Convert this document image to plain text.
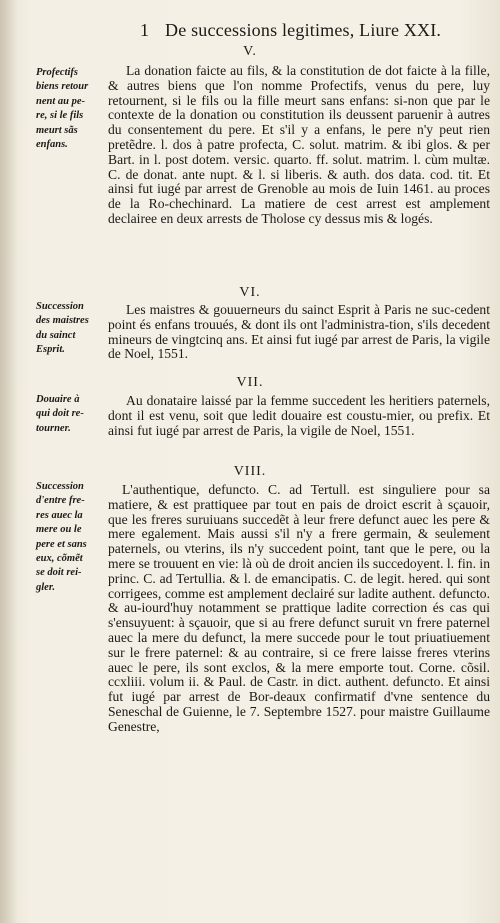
1 De successions legitimes, Liure XXI.
V.
Profectifs
biens retour
nent au pe-
re, si le fils
meurt sãs
enfans.
La donation faicte au fils, & la constitution de dot faicte à la fille, & autres biens que l'on nomme Profectifs, venus du pere, luy retournent, si le fils ou la fille meurt sans enfans: si-non que par le contexte de la donation ou constitution ils deussent paruenir à autres du consentement du pere. Et s'il y a enfans, le pere n'y peut rien pretẽdre. l. dos à patre profecta, C. solut. matrim. & ibi glos. & per Bart. in l. post dotem. versic. quarto. ff. solut. matrim. l. cùm multæ. C. de donat. ante nupt. & l. si liberis. & auth. dos data. cod. tit. Et ainsi fut iugé par arrest de Grenoble au mois de Iuin 1461. au proces de la Ro-chechinard. La matiere de cest arrest est amplement declairee en deux arrests de Tholose cy dessus mis & logés.
VI.
Succession
des maistres
du sainct
Esprit.
Les maistres & gouuerneurs du sainct Esprit à Paris ne suc-cedent point és enfans trouués, & dont ils ont l'administra-tion, s'ils decedent mineurs de vingtcinq ans. Et ainsi fut iugé par arrest de Paris, la vigile de Noel, 1551.
VII.
Douaire à
qui doit re-
tourner.
Au donataire laissé par la femme succedent les heritiers paternels, dont il est venu, soit que ledit douaire est coustu-mier, ou prefix. Et ainsi fut iugé par arrest de Paris, la vigile de Noel, 1551.
VIII.
Succession
d'entre fre-
res auec la
mere ou le
pere et sans
eux, cõmẽt
se doit rei-
gler.
L'authentique, defuncto. C. ad Tertull. est singuliere pour sa matiere, & est prattiquee par tout en pais de droict escrit à sçauoir, que les freres suruiuans succedẽt à leur frere defunct auec les pere & mere egalement. Mais aussi s'il n'y a frere germain, & seulement paternels, ou vterins, ils n'y succedent point, tant que le pere, ou la mere se trouuent en vie: là où de droit ancien ils succedoyent. l. fin. in princ. C. ad Tertullia. & l. de emancipatis. C. de legit. hered. qui sont corrigees, comme est amplement declairé sur ladite authent. defuncto. & au-iourd'huy notamment se prattique ladite correction és cas qui s'ensuyuent: à sçauoir, que si au frere defunct suruit vn frere paternel auec la mere du defunct, la mere succede pour le tout priuatiuement sur le frere paternel: & au contraire, si ce frere laisse freres vterins auec le pere, ils sont exclos, & la mere emporte tout. Corne. cõsil. ccxliii. volum ii. & Paul. de Castr. in dict. authent. defuncto. Et ainsi fut iugé par arrest de Bor-deaux confirmatif d'vne sentence du Seneschal de Guienne, le 7. Septembre 1527. pour maistre Guillaume Genestre,
